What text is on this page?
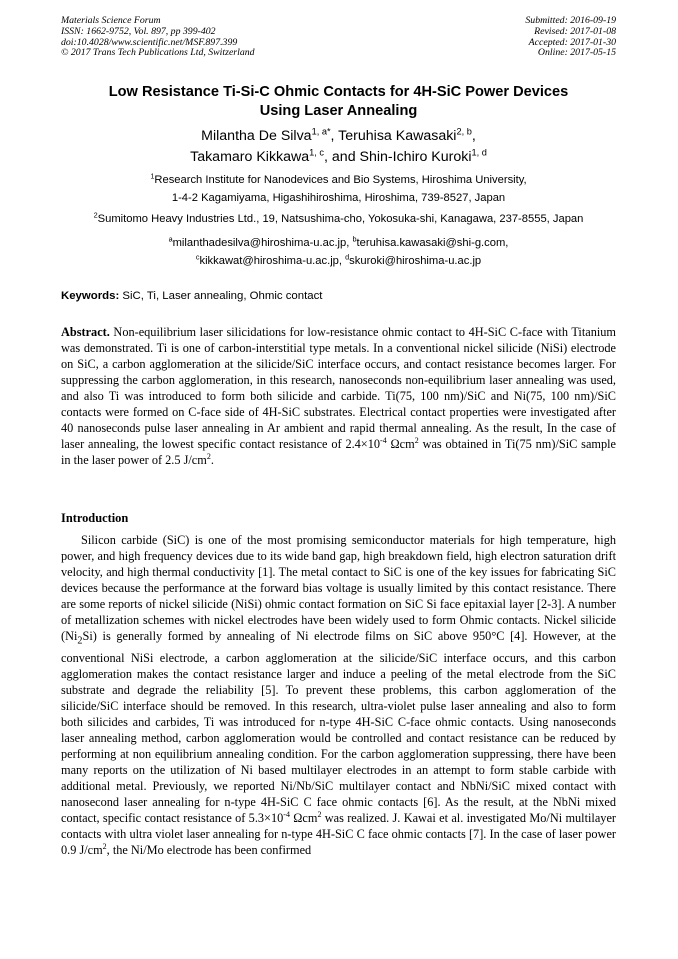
Materials Science Forum
ISSN: 1662-9752, Vol. 897, pp 399-402
doi:10.4028/www.scientific.net/MSF.897.399
© 2017 Trans Tech Publications Ltd, Switzerland
Submitted: 2016-09-19
Revised: 2017-01-08
Accepted: 2017-01-30
Online: 2017-05-15
Low Resistance Ti-Si-C Ohmic Contacts for 4H-SiC Power Devices
Using Laser Annealing
Milantha De Silva$^{1, a*}$, Teruhisa Kawasaki$^{2, b}$,
Takamaro Kikkawa$^{1, c}$, and Shin-Ichiro Kuroki$^{1, d}$
$^1$Research Institute for Nanodevices and Bio Systems, Hiroshima University,
1-4-2 Kagamiyama, Higashihiroshima, Hiroshima, 739-8527, Japan
$^2$Sumitomo Heavy Industries Ltd., 19, Natsushima-cho, Yokosuka-shi, Kanagawa, 237-8555, Japan
$^a$milanthadesilva@hiroshima-u.ac.jp, $^b$teruhisa.kawasaki@shi-g.com,
$^c$kikkawat@hiroshima-u.ac.jp, $^d$skuroki@hiroshima-u.ac.jp
Keywords: SiC, Ti, Laser annealing, Ohmic contact
Abstract. Non-equilibrium laser silicidations for low-resistance ohmic contact to 4H-SiC C-face with Titanium was demonstrated. Ti is one of carbon-interstitial type metals. In a conventional nickel silicide (NiSi) electrode on SiC, a carbon agglomeration at the silicide/SiC interface occurs, and contact resistance becomes larger. For suppressing the carbon agglomeration, in this research, nanoseconds non-equilibrium laser annealing was used, and also Ti was introduced to form both silicide and carbide. Ti(75, 100 nm)/SiC and Ni(75, 100 nm)/SiC contacts were formed on C-face side of 4H-SiC substrates. Electrical contact properties were investigated after 40 nanoseconds pulse laser annealing in Ar ambient and rapid thermal annealing. As the result, In the case of laser annealing, the lowest specific contact resistance of $2.4\times 10^{-4}$ Ωcm$^2$ was obtained in Ti(75 nm)/SiC sample in the laser power of 2.5 $J/cm^2$.
Introduction
Silicon carbide (SiC) is one of the most promising semiconductor materials for high temperature, high power, and high frequency devices due to its wide band gap, high breakdown field, high electron saturation drift velocity, and high thermal conductivity [1]. The metal contact to SiC is one of the key issues for fabricating SiC devices because the performance at the forward bias voltage is usually limited by this contact resistance. There are some reports of nickel silicide (NiSi) ohmic contact formation on SiC Si face epitaxial layer [2-3]. A number of metallization schemes with nickel electrodes have been widely used to form Ohmic contacts. Nickel silicide $(Ni_2Si)$ is generally formed by annealing of Ni electrode films on SiC above 950°C [4]. However, at the conventional NiSi electrode, a carbon agglomeration at the silicide/SiC interface occurs, and this carbon agglomeration makes the contact resistance larger and induce a peeling of the metal electrode from the SiC substrate and degrade the reliability [5]. To prevent these problems, this carbon agglomeration of the silicide/SiC interface should be removed. In this research, ultra-violet pulse laser annealing and also to form both silicides and carbides, Ti was introduced for n-type 4H-SiC C-face ohmic contacts. Using nanoseconds laser annealing method, carbon agglomeration would be controlled and contact resistance can be reduced by performing at non equilibrium annealing condition. For the carbon agglomeration suppressing, there have been many reports on the utilization of Ni based multilayer electrodes in an attempt to form stable carbide with additional metal. Previously, we reported Ni/Nb/SiC multilayer contact and NbNi/SiC mixed contact with nanosecond laser annealing for n-type 4H-SiC C face ohmic contacts [6]. As the result, at the NbNi mixed contact, specific contact resistance of $5.3\times 10^{-4}$ Ωcm$^2$ was realized. J. Kawai et al. investigated Mo/Ni multilayer contacts with ultra violet laser annealing for n-type 4H-SiC C face ohmic contacts [7]. In the case of laser power 0.9 $J/cm^2$, the Ni/Mo electrode has been confirmed
